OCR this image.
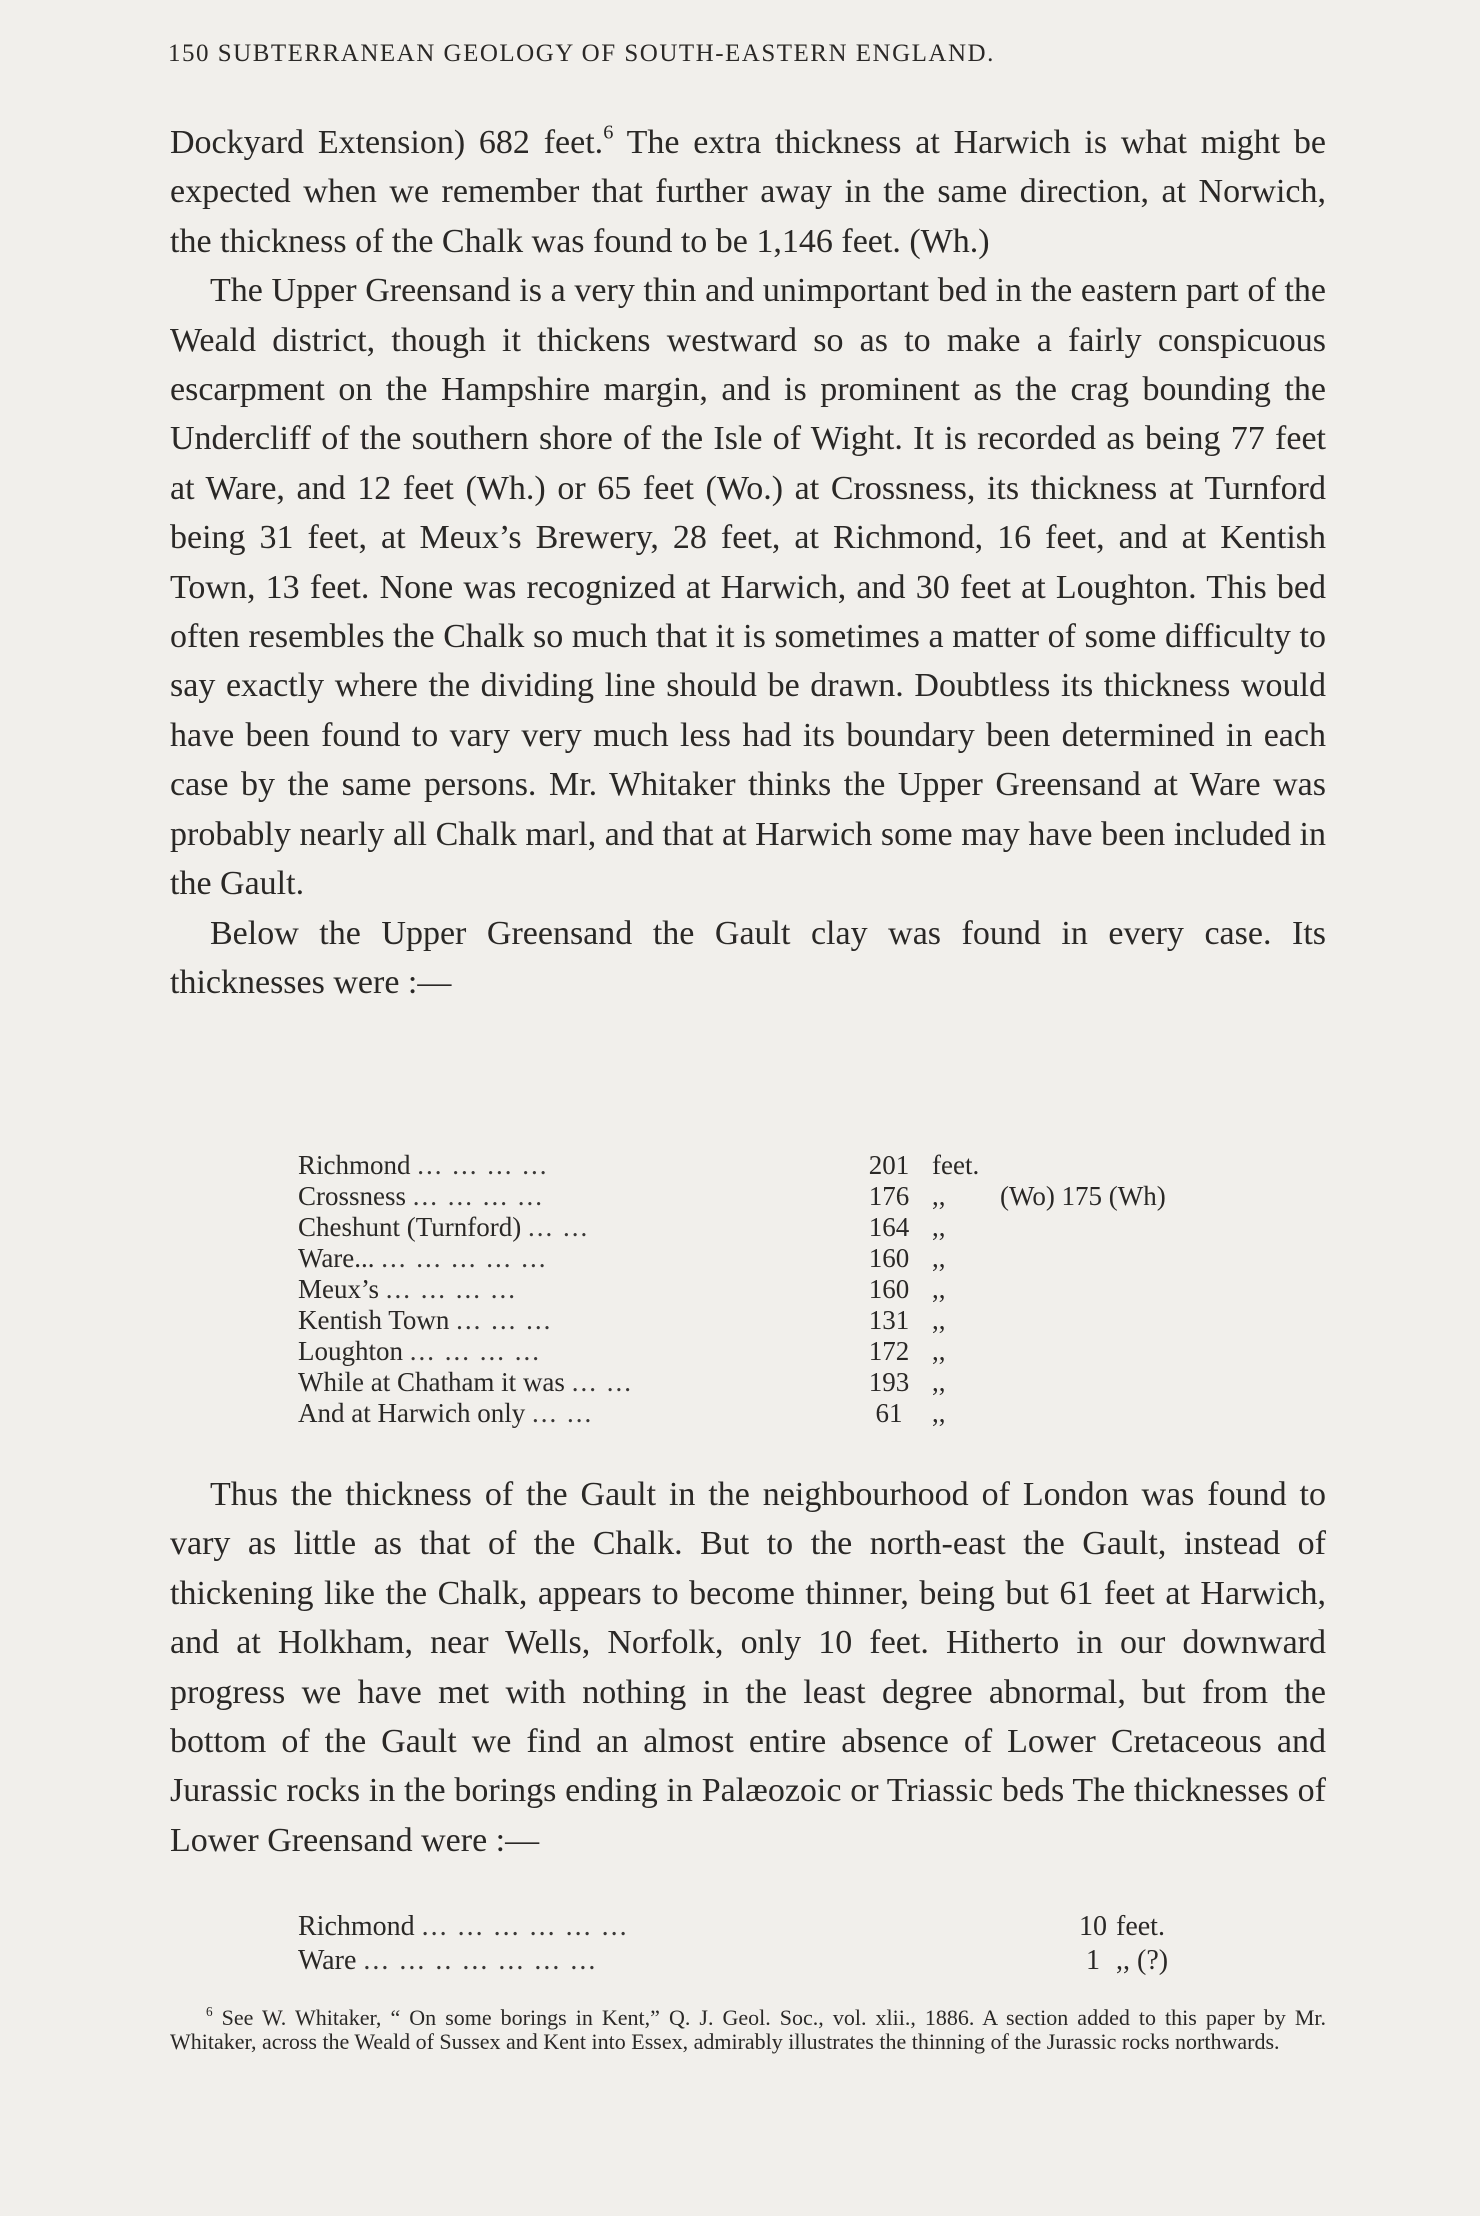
150 SUBTERRANEAN GEOLOGY OF SOUTH-EASTERN ENGLAND.

Dockyard Extension) 682 feet.$^6$ The extra thickness at Harwich is what might be expected when we remember that further away in the same direction, at Norwich, the thickness of the Chalk was found to be 1,146 feet. (Wh.)

The Upper Greensand is a very thin and unimportant bed in the eastern part of the Weald district, though it thickens westward so as to make a fairly conspicuous escarpment on the Hampshire margin, and is prominent as the crag bounding the Undercliff of the southern shore of the Isle of Wight. It is recorded as being 77 feet at Ware, and 12 feet (Wh.) or 65 feet (Wo.) at Crossness, its thickness at Turnford being 31 feet, at Meux’s Brewery, 28 feet, at Richmond, 16 feet, and at Kentish Town, 13 feet. None was recognized at Harwich, and 30 feet at Loughton. This bed often resembles the Chalk so much that it is sometimes a matter of some difficulty to say exactly where the dividing line should be drawn. Doubtless its thickness would have been found to vary very much less had its boundary been determined in each case by the same persons. Mr. Whitaker thinks the Upper Greensand at Ware was probably nearly all Chalk marl, and that at Harwich some may have been included in the Gault.

Below the Upper Greensand the Gault clay was found in every case. Its thicknesses were :—

Richmond ... ... ... ...	201 feet.
Crossness ... ... ... ...	176 ,, (Wo) 175 (Wh)
Cheshunt (Turnford) ... ...	164 ,,
Ware... ... ... ... ... ...	160 ,,
Meux’s ... ... ... ...	160 ,,
Kentish Town ... ... ...	131 ,,
Loughton ... ... ... ...	172 ,,
While at Chatham it was ... ...	193 ,,
And at Harwich only ... ...	61	,,

Thus the thickness of the Gault in the neighbourhood of London was found to vary as little as that of the Chalk. But to the north-east the Gault, instead of thickening like the Chalk, appears to become thinner, being but 61 feet at Harwich, and at Holkham, near Wells, Norfolk, only 10 feet. Hitherto in our downward progress we have met with nothing in the least degree abnormal, but from the bottom of the Gault we find an almost entire absence of Lower Cretaceous and Jurassic rocks in the borings ending in Palæozoic or Triassic beds The thicknesses of Lower Greensand were :—

Richmond ... ... ... ... ... ...	10 feet.
Ware ... ... .. ... ... ... ...	1 ,, (?)
$^6$ See W. Whitaker, “ On some borings in Kent,” Q. J. Geol. Soc., vol. xlii., 1886. A section added to this paper by Mr. Whitaker, across the Weald of Sussex and Kent into Essex, admirably illustrates the thinning of the Jurassic rocks northwards.
